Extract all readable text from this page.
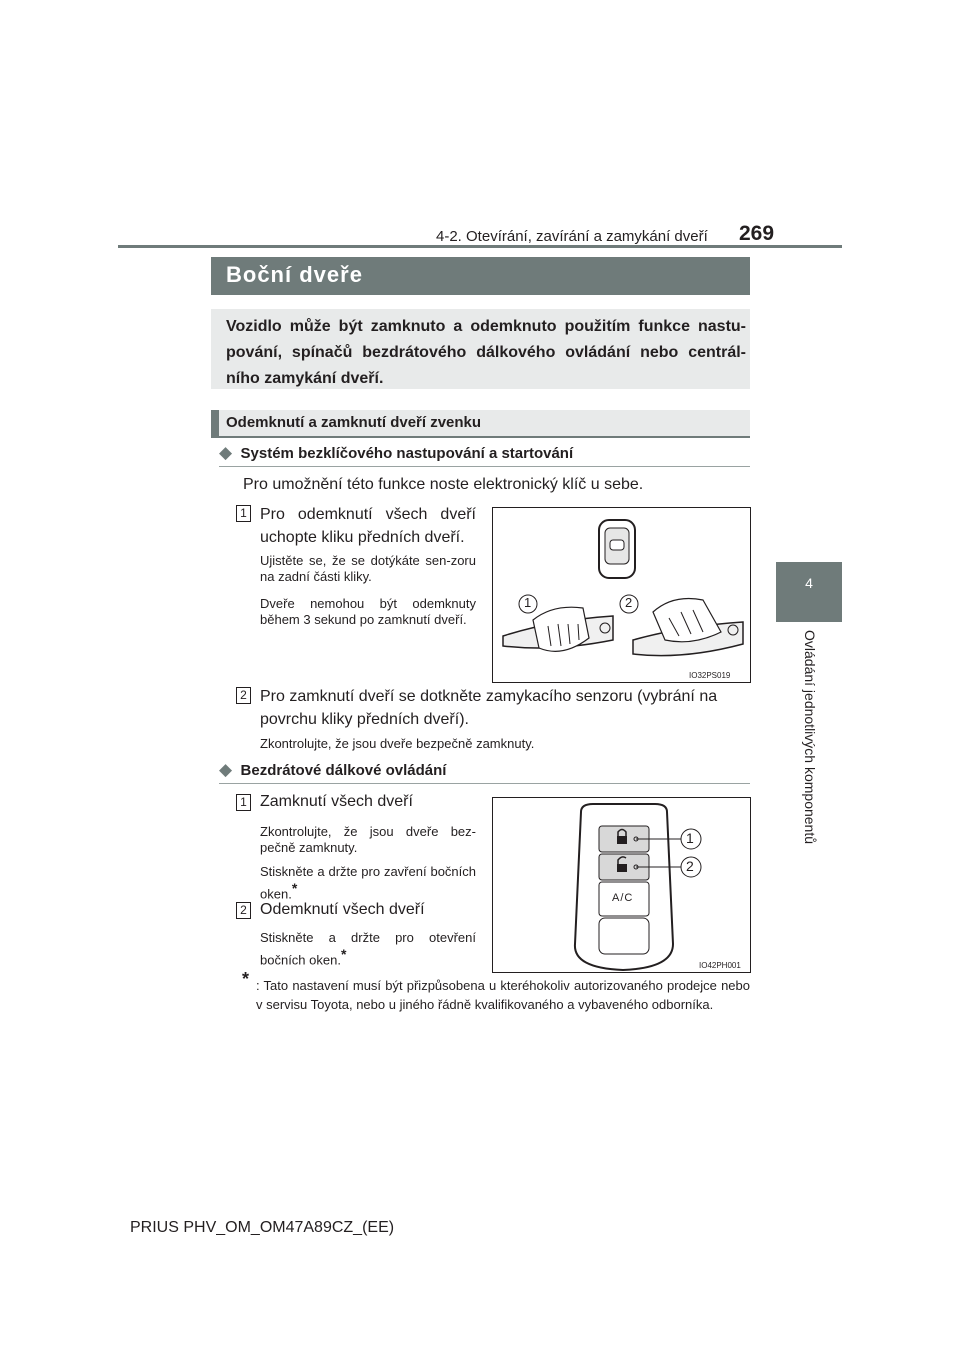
4-2. Otevírání, zavírání a zamykání dveří 269
4
Ovládání jednotlivých komponentů
Boční dveře
Vozidlo může být zamknuto a odemknuto použitím funkce nastu-pování, spínačů bezdrátového dálkového ovládání nebo centrál-ního zamykání dveří.
Odemknutí a zamknutí dveří zvenku
◆ Systém bezklíčového nastupování a startování
Pro umožnění této funkce noste elektronický klíč u sebe.
1 Pro odemknutí všech dveří uchopte kliku předních dveří.
Ujistěte se, že se dotýkáte sen-zoru na zadní části kliky.
Dveře nemohou být odemknuty během 3 sekund po zamknutí dveří.
1	2
IO32PS019
2 Pro zamknutí dveří se dotkněte zamykacího senzoru (vybrání na povrchu kliky předních dveří).
Zkontrolujte, že jsou dveře bezpečně zamknuty.
◆ Bezdrátové dálkové ovládání
1 Zamknutí všech dveří
Zkontrolujte, že jsou dveře bez-pečně zamknuty.
Stiskněte a držte pro zavření bočních oken.*
2 Odemknutí všech dveří
Stiskněte a držte pro otevření bočních oken.*
1
2
A/C
IO42PH001
* : Tato nastavení musí být přizpůsobena u kteréhokoliv autorizovaného prodejce nebo v servisu Toyota, nebo u jiného řádně kvalifikovaného a vybaveného odborníka.
PRIUS PHV_OM_OM47A89CZ_(EE)
